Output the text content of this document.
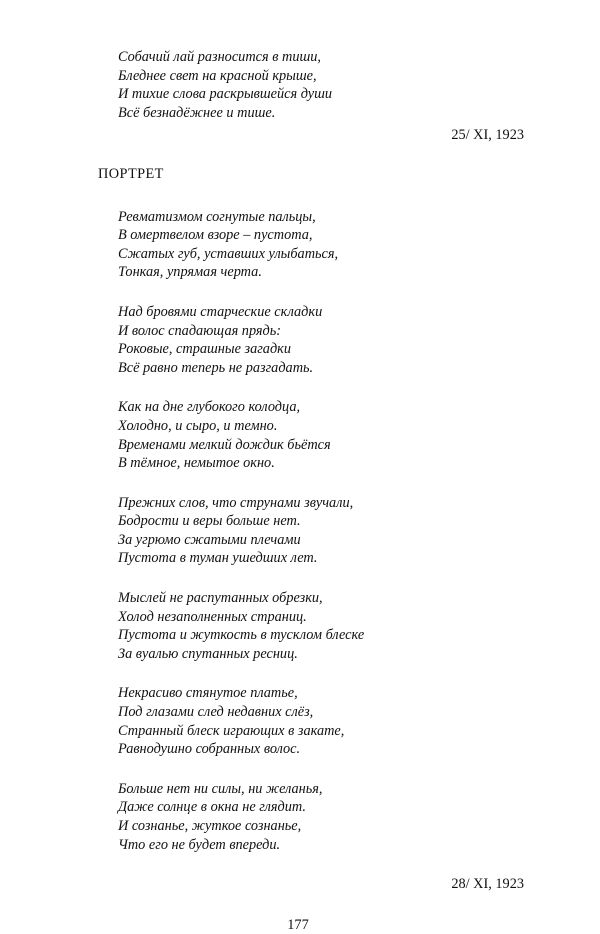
Собачий лай разносится в тиши,
Бледнее свет на красной крыше,
И тихие слова раскрывшейся души
Всё безнадёжнее и тише.
25/ XI, 1923
ПОРТРЕТ
Ревматизмом согнутые пальцы,
В омертвелом взоре – пустота,
Сжатых губ, уставших улыбаться,
Тонкая, упрямая черта.
Над бровями старческие складки
И волос спадающая прядь:
Роковые, страшные загадки
Всё равно теперь не разгадать.
Как на дне глубокого колодца,
Холодно, и сыро, и темно.
Временами мелкий дождик бьётся
В тёмное, немытое окно.
Прежних слов, что струнами звучали,
Бодрости и веры больше нет.
За угрюмо сжатыми плечами
Пустота в туман ушедших лет.
Мыслей не распутанных обрезки,
Холод незаполненных страниц.
Пустота и жуткость в тусклом блеске
За вуалью спутанных ресниц.
Некрасиво стянутое платье,
Под глазами след недавних слёз,
Странный блеск играющих в закате,
Равнодушно собранных волос.
Больше нет ни силы, ни желанья,
Даже солнце в окна не глядит.
И сознанье, жуткое сознанье,
Что его не будет впереди.
28/ XI, 1923
177
